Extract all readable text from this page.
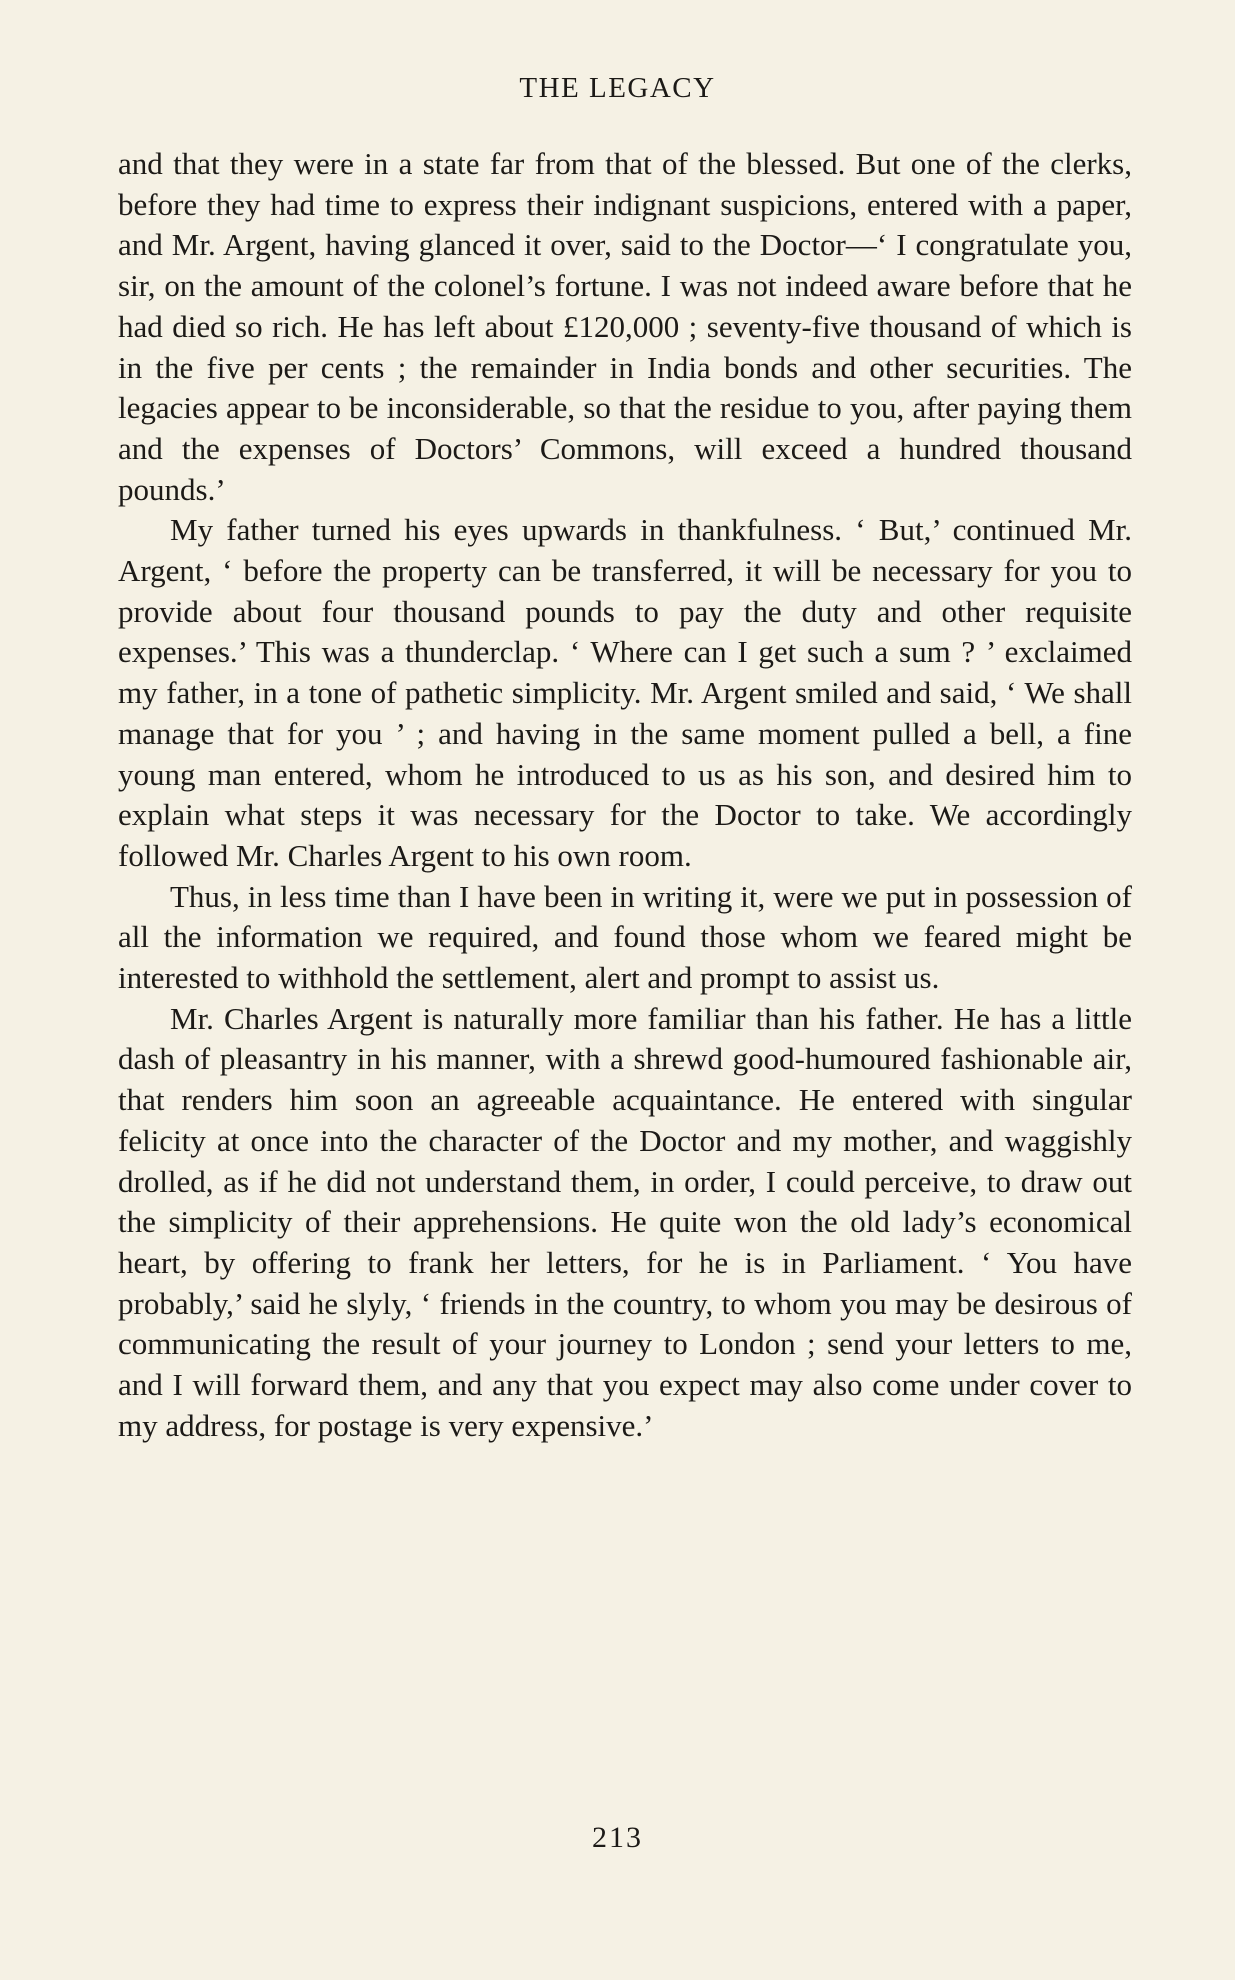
THE LEGACY

and that they were in a state far from that of the blessed. But one of the clerks, before they had time to express their indignant suspicions, entered with a paper, and Mr. Argent, having glanced it over, said to the Doctor—‘ I congratulate you, sir, on the amount of the colonel’s fortune. I was not indeed aware before that he had died so rich. He has left about £120,000 ; seventy-five thousand of which is in the five per cents ; the remainder in India bonds and other securities. The legacies appear to be inconsiderable, so that the residue to you, after paying them and the expenses of Doctors’ Commons, will exceed a hundred thousand pounds.’

My father turned his eyes upwards in thankfulness. ‘ But,’ continued Mr. Argent, ‘ before the property can be transferred, it will be necessary for you to provide about four thousand pounds to pay the duty and other requisite expenses.’ This was a thunderclap. ‘ Where can I get such a sum ? ’ exclaimed my father, in a tone of pathetic simplicity. Mr. Argent smiled and said, ‘ We shall manage that for you ’ ; and having in the same moment pulled a bell, a fine young man entered, whom he introduced to us as his son, and desired him to explain what steps it was necessary for the Doctor to take. We accordingly followed Mr. Charles Argent to his own room.

Thus, in less time than I have been in writing it, were we put in possession of all the information we required, and found those whom we feared might be interested to withhold the settlement, alert and prompt to assist us.

Mr. Charles Argent is naturally more familiar than his father. He has a little dash of pleasantry in his manner, with a shrewd good-humoured fashionable air, that renders him soon an agreeable acquaintance. He entered with singular felicity at once into the character of the Doctor and my mother, and waggishly drolled, as if he did not understand them, in order, I could perceive, to draw out the simplicity of their apprehensions. He quite won the old lady’s economical heart, by offering to frank her letters, for he is in Parliament. ‘ You have probably,’ said he slyly, ‘ friends in the country, to whom you may be desirous of communicating the result of your journey to London ; send your letters to me, and I will forward them, and any that you expect may also come under cover to my address, for postage is very expensive.’

213
